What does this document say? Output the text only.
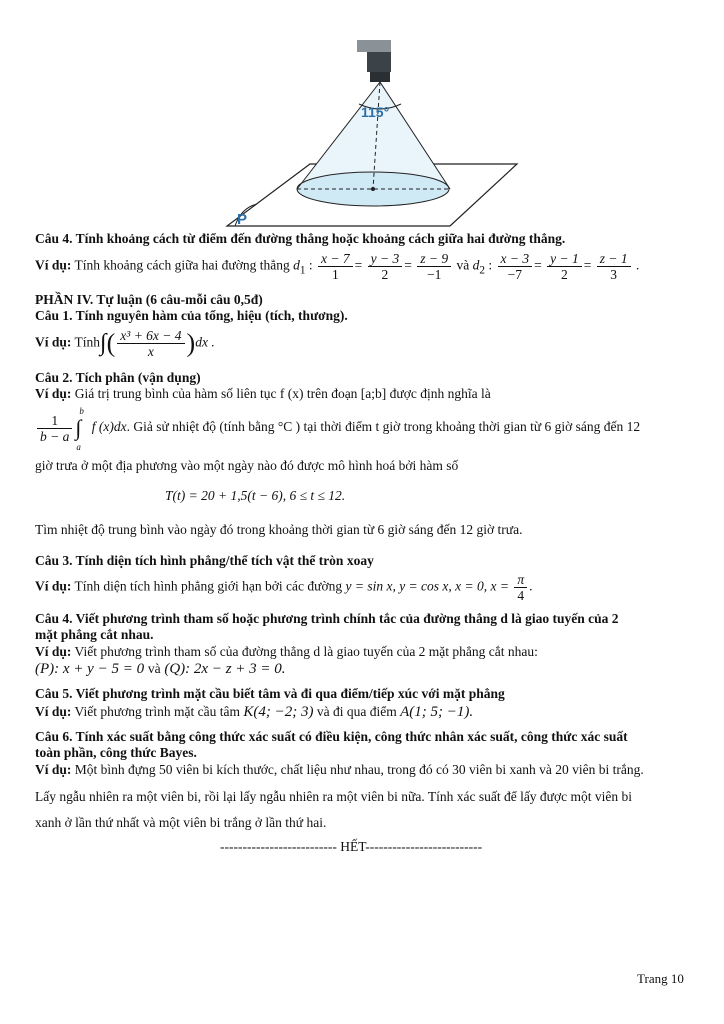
115°
P
Câu 4. Tính khoảng cách từ điểm đến đường thẳng hoặc khoảng cách giữa hai đường thẳng.
Ví dụ: Tính khoảng cách giữa hai đường thẳng $d_1$ : $\frac{x - 7}{1} = \frac{y - 3}{2} = \frac{z - 9}{-1}$ và $d_2$ : $\frac{x - 3}{-7} = \frac{y - 1}{2} = \frac{z - 1}{3}$ .
PHẦN IV. Tự luận (6 câu-mỗi câu 0,5đ)
Câu 1. Tính nguyên hàm của tổng, hiệu (tích, thương).
Ví dụ: Tính∫( $\frac{\text{x³ + 6x − 4}}{x} )dx$ .
Câu 2. Tích phân (vận dụng)
Ví dụ: Giá trị trung bình của hàm số liên tục f (x) trên đoạn [a;b] được định nghĩa là
$\frac{1}{b - a}$
b
∫
a
f (x)dx. Giả sử nhiệt độ (tính bằng °C ) tại thời điểm t giờ trong khoảng thời gian từ 6 giờ sáng đến 12
giờ trưa ở một địa phương vào một ngày nào đó được mô hình hoá bởi hàm số
T(t) = 20 + 1,5(t − 6), 6 ≤ t ≤ 12.
Tìm nhiệt độ trung bình vào ngày đó trong khoảng thời gian từ 6 giờ sáng đến 12 giờ trưa.
Câu 3. Tính diện tích hình phẳng/thể tích vật thể tròn xoay
Ví dụ: Tính diện tích hình phẳng giới hạn bởi các đường y = sin x, y = cos x, x = 0, $x = \frac{\pi}{4}$ .
Câu 4. Viết phương trình tham số hoặc phương trình chính tắc của đường thẳng d là giao tuyến của 2
mặt phẳng cắt nhau.
Ví dụ: Viết phương trình tham số của đường thẳng d là giao tuyến của 2 mặt phẳng cắt nhau:
(P): x + y − 5 = 0 và (Q): 2x − z + 3 = 0.
Câu 5. Viết phương trình mặt cầu biết tâm và đi qua điểm/tiếp xúc với mặt phẳng
Ví dụ: Viết phương trình mặt cầu tâm K(4; −2; 3) và đi qua điểm A(1; 5; −1).
Câu 6. Tính xác suất bằng công thức xác suất có điều kiện, công thức nhân xác suất, công thức xác suất
toàn phần, công thức Bayes.
Ví dụ: Một bình đựng 50 viên bi kích thước, chất liệu như nhau, trong đó có 30 viên bi xanh và 20 viên bi trắng.
Lấy ngẫu nhiên ra một viên bi, rồi lại lấy ngẫu nhiên ra một viên bi nữa. Tính xác suất để lấy được một viên bi
xanh ở lần thứ nhất và một viên bi trắng ở lần thứ hai.
-------------------------- HẾT--------------------------
Trang 10
